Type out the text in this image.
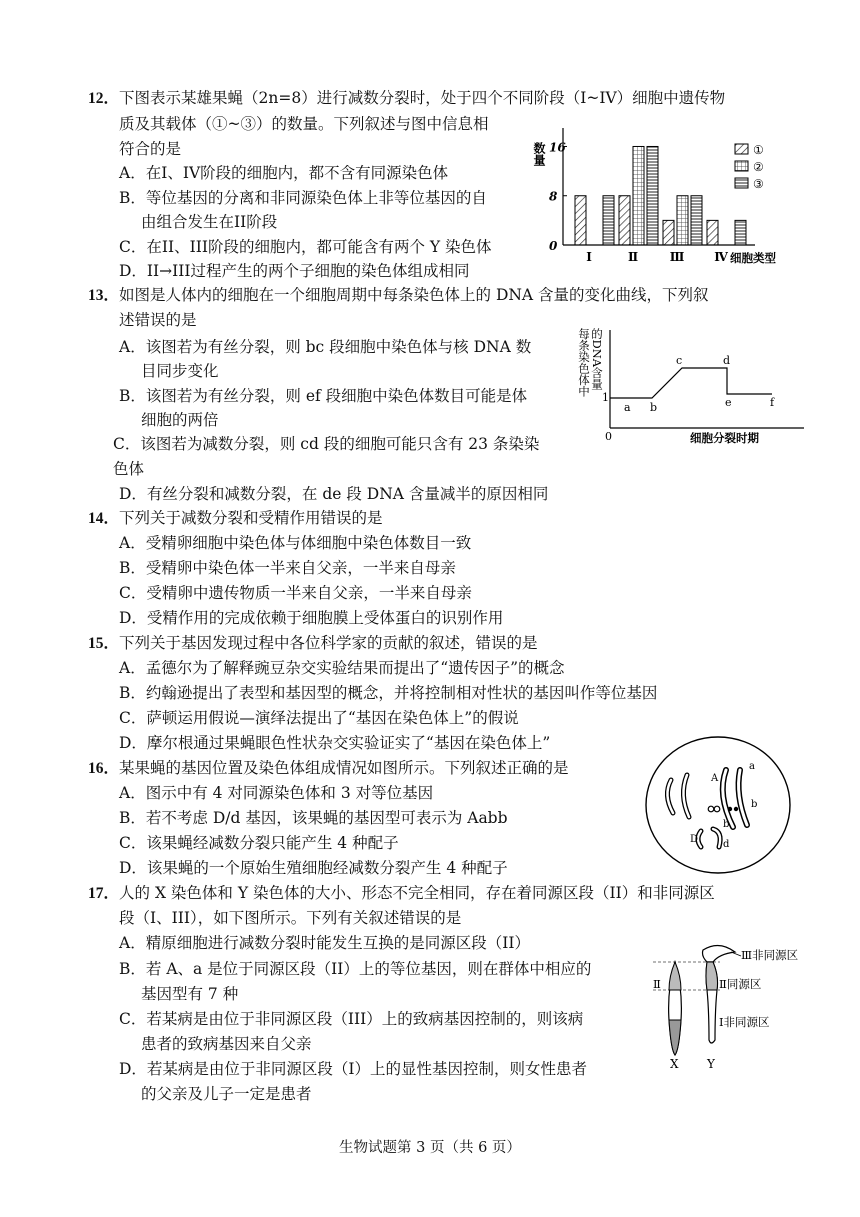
12．下图表示某雄果蝇（2n=8）进行减数分裂时，处于四个不同阶段（I~IV）细胞中遗传物
质及其载体（①~③）的数量。下列叙述与图中信息相
符合的是
A．在I、IV阶段的细胞内，都不含有同源染色体
B．等位基因的分离和非同源染色体上非等位基因的自
由组合发生在II阶段
C．在II、III阶段的细胞内，都可能含有两个 Y 染色体
D．II→III过程产生的两个子细胞的染色体组成相同
数量
0
8
16
Ⅰ	Ⅱ	Ⅲ Ⅳ 细胞类型
①
②
③
13．如图是人体内的细胞在一个细胞周期中每条染色体上的 DNA 含量的变化曲线，下列叙
述错误的是
A．该图若为有丝分裂，则 bc 段细胞中染色体与核 DNA 数
目同步变化
B．该图若为有丝分裂，则 ef 段细胞中染色体数目可能是体
细胞的两倍
C．该图若为减数分裂，则 cd 段的细胞可能只含有 23 条染染
色体
D．有丝分裂和减数分裂，在 de 段 DNA 含量减半的原因相同
每条染色体中 的DNA含量
0
1
a b
c	d
e	f
细胞分裂时期
14．下列关于减数分裂和受精作用错误的是
A．受精卵细胞中染色体与体细胞中染色体数目一致
B．受精卵中染色体一半来自父亲，一半来自母亲
C．受精卵中遗传物质一半来自父亲，一半来自母亲
D．受精作用的完成依赖于细胞膜上受体蛋白的识别作用
15．下列关于基因发现过程中各位科学家的贡献的叙述，错误的是
A．孟德尔为了解释豌豆杂交实验结果而提出了“遗传因子”的概念
B．约翰逊提出了表型和基因型的概念，并将控制相对性状的基因叫作等位基因
C．萨顿运用假说—演绎法提出了“基因在染色体上”的假说
D．摩尔根通过果蝇眼色性状杂交实验证实了“基因在染色体上”
16．某果蝇的基因位置及染色体组成情况如图所示。下列叙述正确的是
A．图示中有 4 对同源染色体和 3 对等位基因
B．若不考虑 D/d 基因，该果蝇的基因型可表示为 Aabb
C．该果蝇经减数分裂只能产生 4 种配子
D．该果蝇的一个原始生殖细胞经减数分裂产生 4 种配子
A
a
b
b
D d
17．人的 X 染色体和 Y 染色体的大小、形态不完全相同，存在着同源区段（II）和非同源区
段（I、III），如下图所示。下列有关叙述错误的是
A．精原细胞进行减数分裂时能发生互换的是同源区段（II）
B．若 A、a 是位于同源区段（II）上的等位基因，则在群体中相应的
基因型有 7 种
C．若某病是由位于非同源区段（III）上的致病基因控制的，则该病
患者的致病基因来自父亲
D．若某病是由位于非同源区段（I）上的显性基因控制，则女性患者
的父亲及儿子一定是患者
Ⅲ非同源区
Ⅱ	Ⅱ同源区
Ⅰ非同源区
X Y
生物试题第 3 页（共 6 页）
